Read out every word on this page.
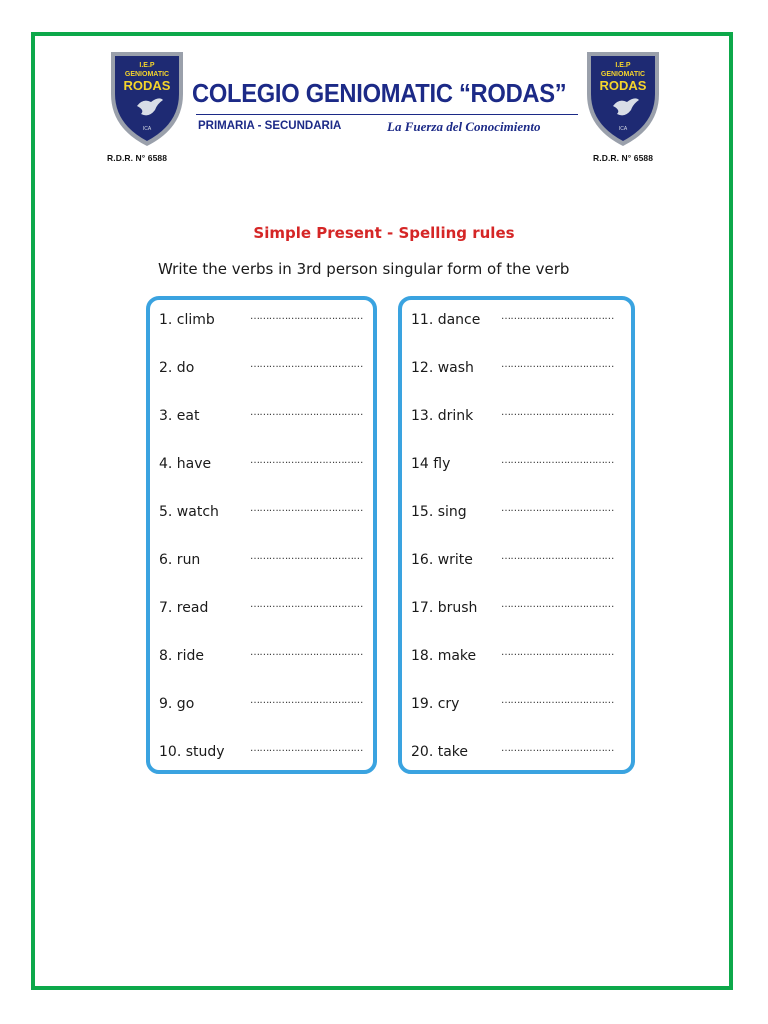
I.E.P
GENIOMATIC
RODAS
ICA
R.D.R. N° 6588
I.E.P
GENIOMATIC
RODAS
ICA
R.D.R. N° 6588
COLEGIO GENIOMATIC “RODAS”
PRIMARIA - SECUNDARIA	La Fuerza del Conocimiento
Simple Present - Spelling rules

Write the verbs in 3rd person singular form of the verb

1. climb	………………………………
2. do	………………………………
3. eat	………………………………
4. have	………………………………
5. watch	………………………………
6. run	………………………………
7. read	………………………………
8. ride	………………………………
9. go	………………………………
10. study	………………………………
11. dance ………………………………
12. wash	………………………………
13. drink	………………………………
14 fly	………………………………
15. sing	………………………………
16. write	………………………………
17. brush ………………………………
18. make ………………………………
19. cry	………………………………
20. take	………………………………
